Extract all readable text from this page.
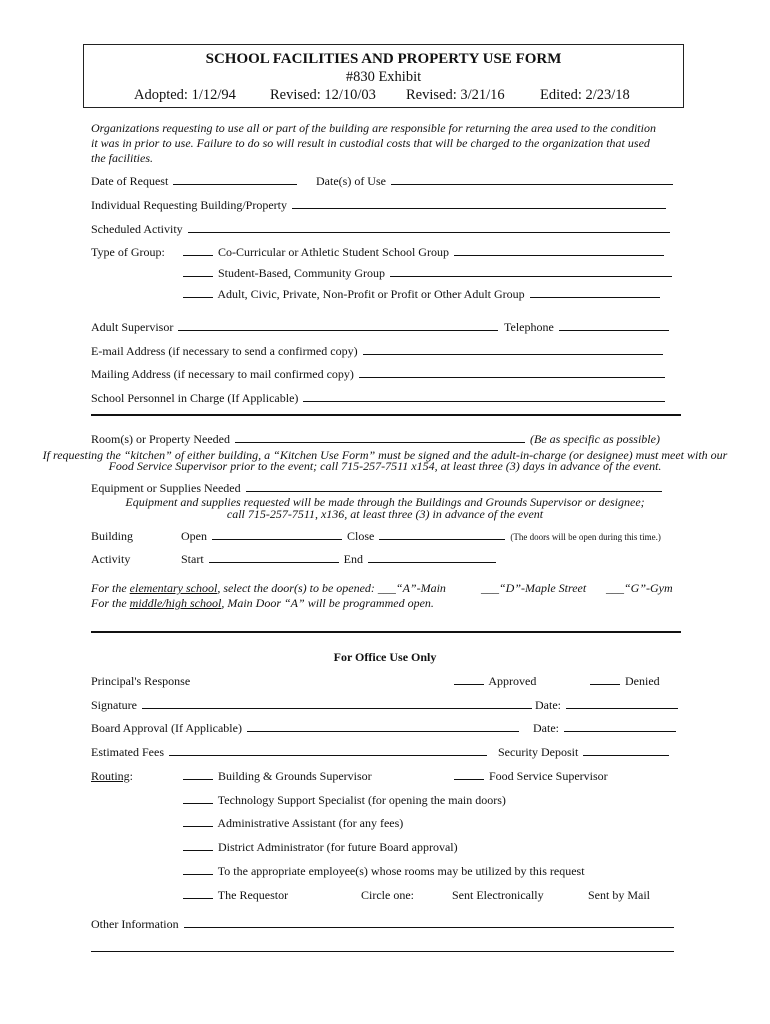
SCHOOL FACILITIES AND PROPERTY USE FORM
#830 Exhibit
Adopted: 1/12/94 Revised: 12/10/03 Revised: 3/21/16 Edited: 2/23/18
Organizations requesting to use all or part of the building are responsible for returning the area used to the condition
it was in prior to use. Failure to do so will result in custodial costs that will be charged to the organization that used
the facilities.
Date of Request	Date(s) of Use
Individual Requesting Building/Property
Scheduled Activity
Type of Group:	Co-Curricular or Athletic Student School Group
Student-Based, Community Group
Adult, Civic, Private, Non-Profit or Profit or Other Adult Group
Adult Supervisor	Telephone
E-mail Address (if necessary to send a confirmed copy)
Mailing Address (if necessary to mail confirmed copy)
School Personnel in Charge (If Applicable)
Room(s) or Property Needed	(Be as specific as possible)
If requesting the “kitchen” of either building, a “Kitchen Use Form” must be signed and the adult-in-charge (or designee) must meet with our
Food Service Supervisor prior to the event; call 715-257-7511 x154, at least three (3) days in advance of the event.
Equipment or Supplies Needed
Equipment and supplies requested will be made through the Buildings and Grounds Supervisor or designee;
call 715-257-7511, x136, at least three (3) in advance of the event
Building	Open	Close	(The doors will be open during this time.)
Activity	Start	End
For the elementary school, select the door(s) to be opened: ___“A”-Main	___“D”-Maple Street ___“G”-Gym
For the middle/high school, Main Door “A” will be programmed open.
For Office Use Only
Principal's Response	Approved	Denied
Signature	Date:
Board Approval (If Applicable)	Date:
Estimated Fees	Security Deposit
Routing:	Building & Grounds Supervisor	Food Service Supervisor
Technology Support Specialist (for opening the main doors)
Administrative Assistant (for any fees)
District Administrator (for future Board approval)
To the appropriate employee(s) whose rooms may be utilized by this request
The Requestor	Circle one:	Sent Electronically	Sent by Mail
Other Information
